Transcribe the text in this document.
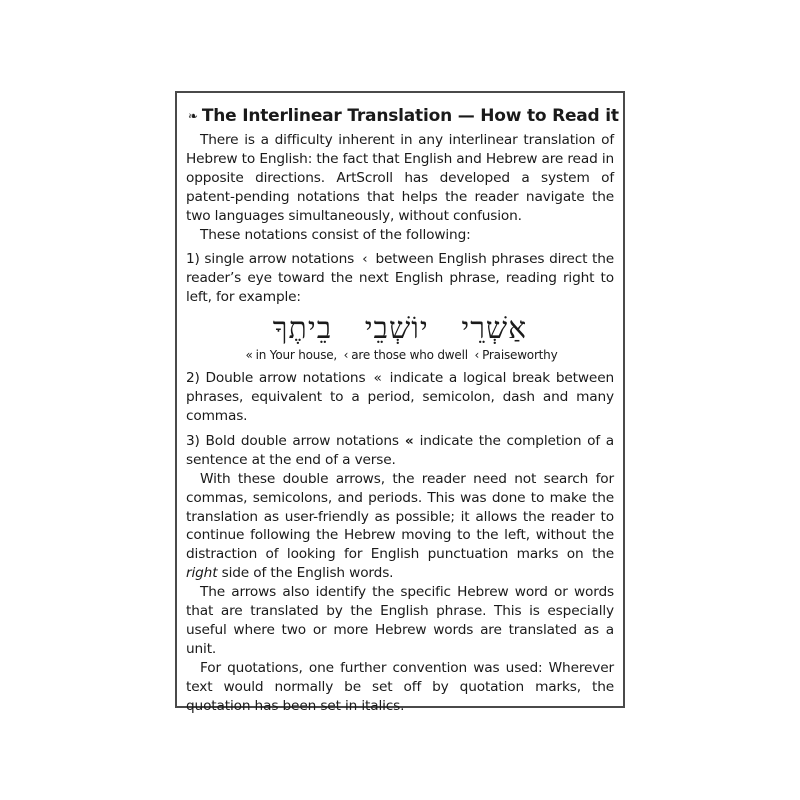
❧ The Interlinear Translation — How to Read it

There is a difficulty inherent in any interlinear translation of Hebrew to English: the fact that English and Hebrew are read in opposite directions. ArtScroll has developed a system of patent-pending notations that helps the reader navigate the two languages simultaneously, without confusion.

These notations consist of the following:

1) single arrow notations ‹ between English phrases direct the reader’s eye toward the next English phrase, reading right to left, for example:

אַשְׁרֵי יוֹשְׁבֵי בֵיתֶךָ
« in Your house, ‹ are those who dwell ‹ Praiseworthy

2) Double arrow notations « indicate a logical break between phrases, equivalent to a period, semicolon, dash and many commas.

3) Bold double arrow notations « indicate the completion of a sentence at the end of a verse.

With these double arrows, the reader need not search for commas, semicolons, and periods. This was done to make the translation as user-friendly as possible; it allows the reader to continue following the Hebrew moving to the left, without the distraction of looking for English punctuation marks on the right side of the English words.

The arrows also identify the specific Hebrew word or words that are translated by the English phrase. This is especially useful where two or more Hebrew words are translated as a unit.

For quotations, one further convention was used: Wherever text would normally be set off by quotation marks, the quotation has been set in italics.
